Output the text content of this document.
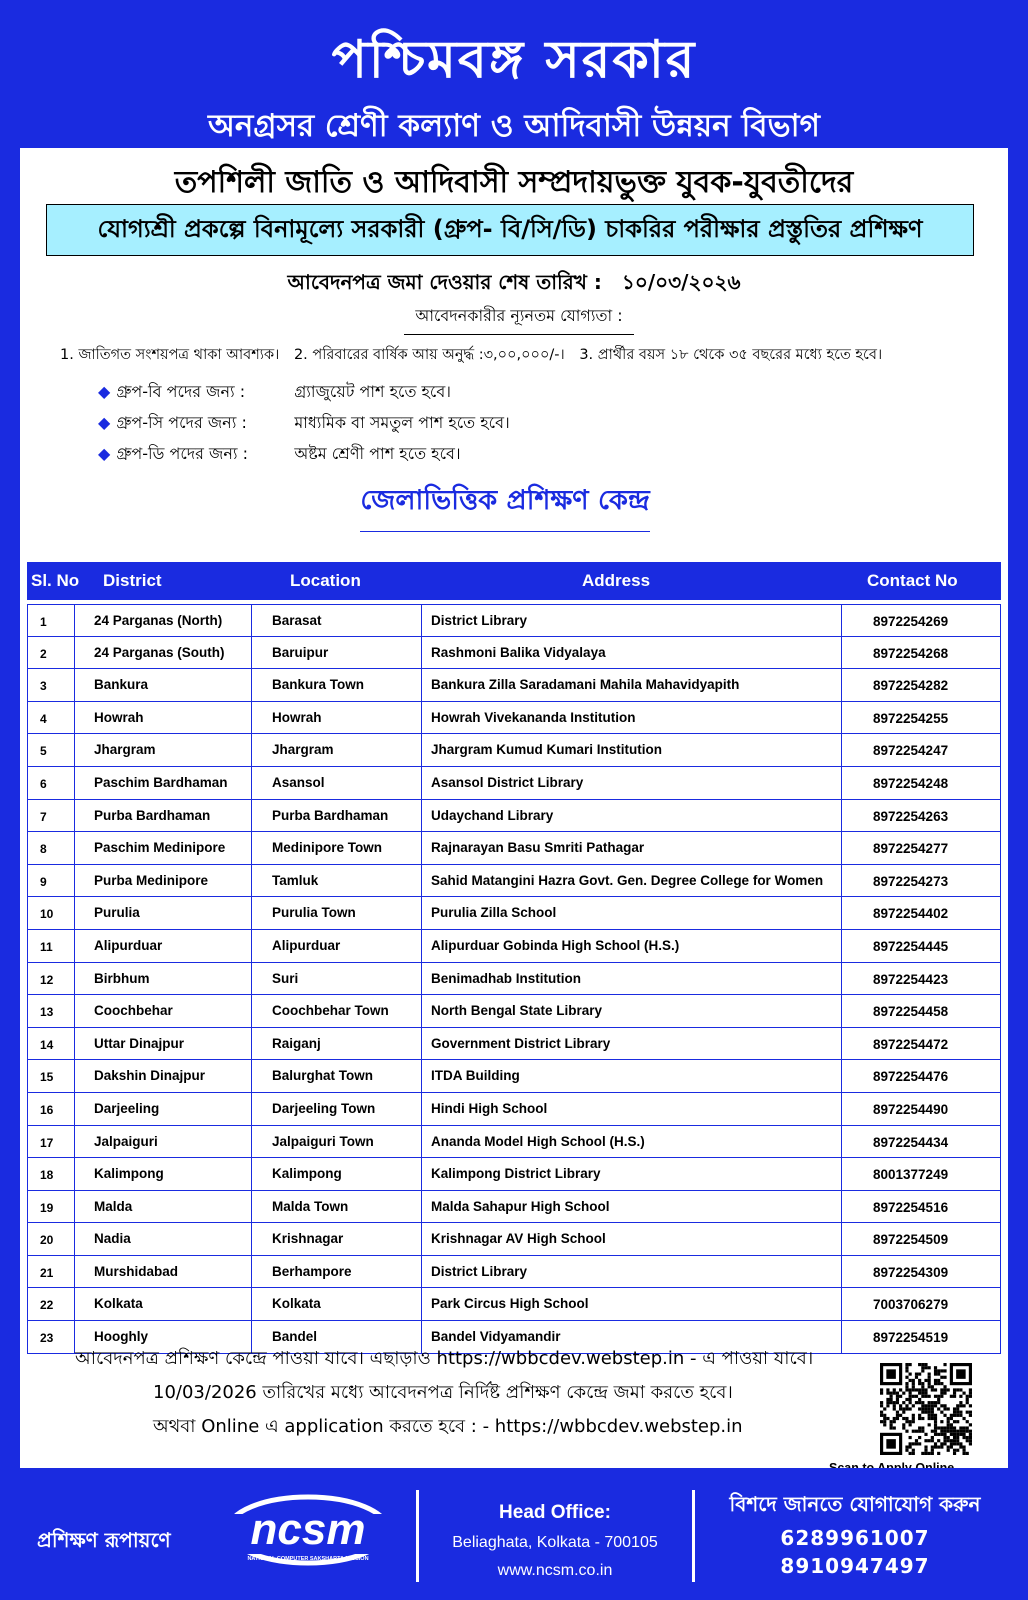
পশ্চিমবঙ্গ সরকার
অনগ্রসর শ্রেণী কল্যাণ ও আদিবাসী উন্নয়ন বিভাগ
তপশিলী জাতি ও আদিবাসী সম্প্রদায়ভুক্ত যুবক-যুবতীদের
যোগ্যশ্রী প্রকল্পে বিনামূল্যে সরকারী (গ্রুপ- বি/সি/ডি) চাকরির পরীক্ষার প্রস্তুতির প্রশিক্ষণ
আবেদনপত্র জমা দেওয়ার শেষ তারিখ : ১০/০৩/২০২৬
আবেদনকারীর ন্যূনতম যোগ্যতা :
1. জাতিগত সংশয়পত্র থাকা আবশ্যক। 2. পরিবারের বার্ষিক আয় অনুর্দ্ধ :৩,০০,০০০/-। 3. প্রার্থীর বয়স ১৮ থেকে ৩৫ বছরের মধ্যে হতে হবে।
◆ গ্রুপ-বি পদের জন্য :	গ্র্যাজুয়েট পাশ হতে হবে।
◆ গ্রুপ-সি পদের জন্য :	মাধ্যমিক বা সমতুল পাশ হতে হবে।
◆ গ্রুপ-ডি পদের জন্য :	অষ্টম শ্রেণী পাশ হতে হবে।
জেলাভিত্তিক প্রশিক্ষণ কেন্দ্র
Sl. No District	Location	Address	Contact No
1	24 Parganas (North)	Barasat	District Library	8972254269
2	24 Parganas (South)	Baruipur	Rashmoni Balika Vidyalaya	8972254268
3	Bankura	Bankura Town	Bankura Zilla Saradamani Mahila Mahavidyapith	8972254282
4	Howrah	Howrah	Howrah Vivekananda Institution	8972254255
5	Jhargram	Jhargram	Jhargram Kumud Kumari Institution	8972254247
6	Paschim Bardhaman	Asansol	Asansol District Library	8972254248
7	Purba Bardhaman	Purba Bardhaman	Udaychand Library	8972254263
8	Paschim Medinipore	Medinipore Town	Rajnarayan Basu Smriti Pathagar	8972254277
9	Purba Medinipore	Tamluk	Sahid Matangini Hazra Govt. Gen. Degree College for Women	8972254273
10	Purulia	Purulia Town	Purulia Zilla School	8972254402
11	Alipurduar	Alipurduar	Alipurduar Gobinda High School (H.S.)	8972254445
12	Birbhum	Suri	Benimadhab Institution	8972254423
13	Coochbehar	Coochbehar Town	North Bengal State Library	8972254458
14	Uttar Dinajpur	Raiganj	Government District Library	8972254472
15	Dakshin Dinajpur	Balurghat Town	ITDA Building	8972254476
16	Darjeeling	Darjeeling Town	Hindi High School	8972254490
17	Jalpaiguri	Jalpaiguri Town	Ananda Model High School (H.S.)	8972254434
18	Kalimpong	Kalimpong	Kalimpong District Library	8001377249
19	Malda	Malda Town	Malda Sahapur High School	8972254516
20	Nadia	Krishnagar	Krishnagar AV High School	8972254509
21	Murshidabad	Berhampore	District Library	8972254309
22	Kolkata	Kolkata	Park Circus High School	7003706279
23	Hooghly	Bandel	Bandel Vidyamandir	8972254519
আবেদনপত্র প্রশিক্ষণ কেন্দ্রে পাওয়া যাবে। এছাড়াও https://wbbcdev.webstep.in - এ পাওয়া যাবে।
10/03/2026 তারিখের মধ্যে আবেদনপত্র নির্দিষ্ট প্রশিক্ষণ কেন্দ্রে জমা করতে হবে।
অথবা Online এ application করতে হবে : - https://wbbcdev.webstep.in
প্রশিক্ষণ রূপায়ণে ncsm
NATIONAL COMPUTER SAKSHARTA MISSION
Head Office:
Beliaghata, Kolkata - 700105
www.ncsm.co.in
বিশদে জানতে যোগাযোগ করুন
6289961007
8910947497
